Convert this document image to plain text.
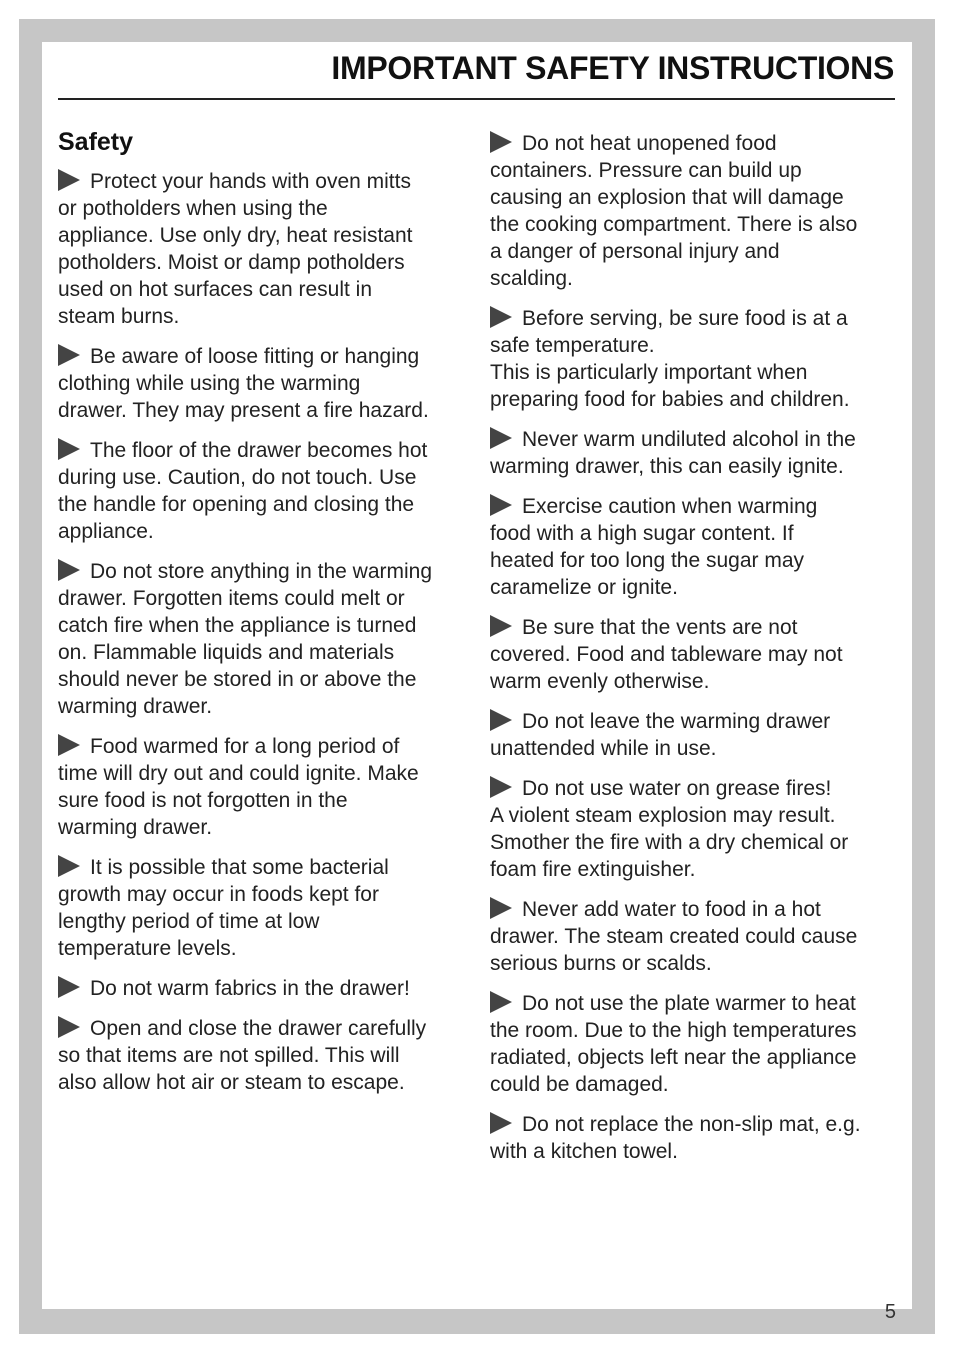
IMPORTANT SAFETY INSTRUCTIONS
Safety
Protect your hands with oven mitts
or potholders when using the
appliance. Use only dry, heat resistant
potholders. Moist or damp potholders
used on hot surfaces can result in
steam burns.
Be aware of loose fitting or hanging
clothing while using the warming
drawer. They may present a fire hazard.
The floor of the drawer becomes hot
during use. Caution, do not touch. Use
the handle for opening and closing the
appliance.
Do not store anything in the warming
drawer. Forgotten items could melt or
catch fire when the appliance is turned
on. Flammable liquids and materials
should never be stored in or above the
warming drawer.
Food warmed for a long period of
time will dry out and could ignite. Make
sure food is not forgotten in the
warming drawer.
It is possible that some bacterial
growth may occur in foods kept for
lengthy period of time at low
temperature levels.
Do not warm fabrics in the drawer!
Open and close the drawer carefully
so that items are not spilled. This will
also allow hot air or steam to escape.
Do not heat unopened food
containers. Pressure can build up
causing an explosion that will damage
the cooking compartment. There is also
a danger of personal injury and
scalding.
Before serving, be sure food is at a
safe temperature.
This is particularly important when
preparing food for babies and children.
Never warm undiluted alcohol in the
warming drawer, this can easily ignite.
Exercise caution when warming
food with a high sugar content. If
heated for too long the sugar may
caramelize or ignite.
Be sure that the vents are not
covered. Food and tableware may not
warm evenly otherwise.
Do not leave the warming drawer
unattended while in use.
Do not use water on grease fires!
A violent steam explosion may result.
Smother the fire with a dry chemical or
foam fire extinguisher.
Never add water to food in a hot
drawer. The steam created could cause
serious burns or scalds.
Do not use the plate warmer to heat
the room. Due to the high temperatures
radiated, objects left near the appliance
could be damaged.
Do not replace the non-slip mat, e.g.
with a kitchen towel.
5
